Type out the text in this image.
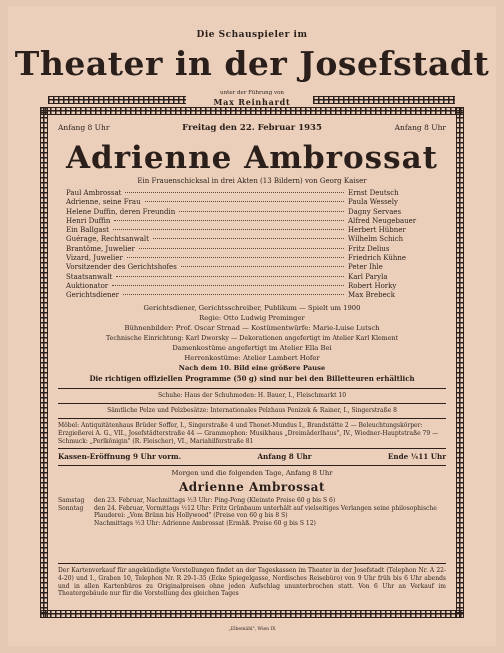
Die Schauspieler im
Theater in der Josefstadt
unter der Führung von
Max Reinhardt
Anfang 8 Uhr	Freitag den 22. Februar 1935	Anfang 8 Uhr
Adrienne Ambrossat
Ein Frauenschicksal in drei Akten (13 Bildern) von Georg Kaiser
Paul Ambrossat	Ernst Deutsch
Adrienne, seine Frau	Paula Wessely
Helene Duffin, deren Freundin	Dagny Servaes
Henri Duffin	Alfred Neugebauer
Ein Ballgast	Herbert Hübner
Guérage, Rechtsanwalt	Wilhelm Schich
Brantôme, Juwelier	Fritz Delius
Vizard, Juwelier	Friedrich Kühne
Vorsitzender des Gerichtshofes	Peter Ihle
Staatsanwalt	Karl Paryla
Auktionator	Robert Horky
Gerichtsdiener	Max Brebeck
Gerichtsdiener, Gerichtsschreiber, Publikum — Spielt um 1900
Regie: Otto Ludwig Preminger
Bühnenbilder: Prof. Oscar Strnad — Kostümentwürfe: Marie-Luise Lutsch
Technische Einrichtung: Karl Dworsky — Dekorationen angefertigt im Atelier Karl Klement
Damenkostüme angefertigt im Atelier Ella Bei
Herrenkostüme: Atelier Lambert Hofer
Nach dem 10. Bild eine größere Pause
Die richtigen offiziellen Programme (50 g) sind nur bei den Billetteuren erhältlich
Schuhe: Haus der Schuhmoden: H. Bauer, I., Fleischmarkt 10
Sämtliche Pelze und Pelzbesätze: Internationales Pelzhaus Penizek & Rainer, I., Singerstraße 8
Möbel: Antiquitätenhaus Brüder Soffer, I., Singerstraße 4 und Thonet-Mundus I., Brandstätte 2 — Beleuchtungskörper: Erzgießerei A. G., VII., Josefstädterstraße 44 — Grammophon: Musikhaus „Dreimäderlhaus", IV., Wiedner-Hauptstraße 79 — Schmuck: „Perlkönigin" (R. Fleischer), VI., Mariahilferstraße 81
Kassen-Eröffnung 9 Uhr vorm.	Anfang 8 Uhr	Ende ¼11 Uhr
Morgen und die folgenden Tage, Anfang 8 Uhr
Adrienne Ambrossat
Samstag	den 23. Februar, Nachmittags ½3 Uhr: Ping-Pong (Kleinste Preise 60 g bis S 6)
Sonntag	den 24. Februar, Vormittags ½12 Uhr: Fritz Grünbaum unterhält auf vielseitiges Verlangen seine philosophische Plauderei: „Vom Brünn bis Hollywood" (Preise von 60 g bis 8 S)
Nachmittags ½3 Uhr: Adrienne Ambrossat (Ermäß. Preise 60 g bis S 12)
Der Kartenverkauf für angekündigte Vorstellungen findet an der Tageskassen im Theater in der Josefstadt (Telephon Nr. A 22-4-20) und I., Graben 10, Telephon Nr. R 29-1-35 (Ecke Spiegelgasse, Nordisches Reisebüro) von 9 Uhr früh bis 6 Uhr abends und in allen Kartenbüros zu Originalpreisen ohne jeden Aufschlag ununterbrochen statt. Von 6 Uhr an Verkauf im Theatergebäude nur für die Vorstellung des gleichen Tages
„Elbemühl", Wien IX
